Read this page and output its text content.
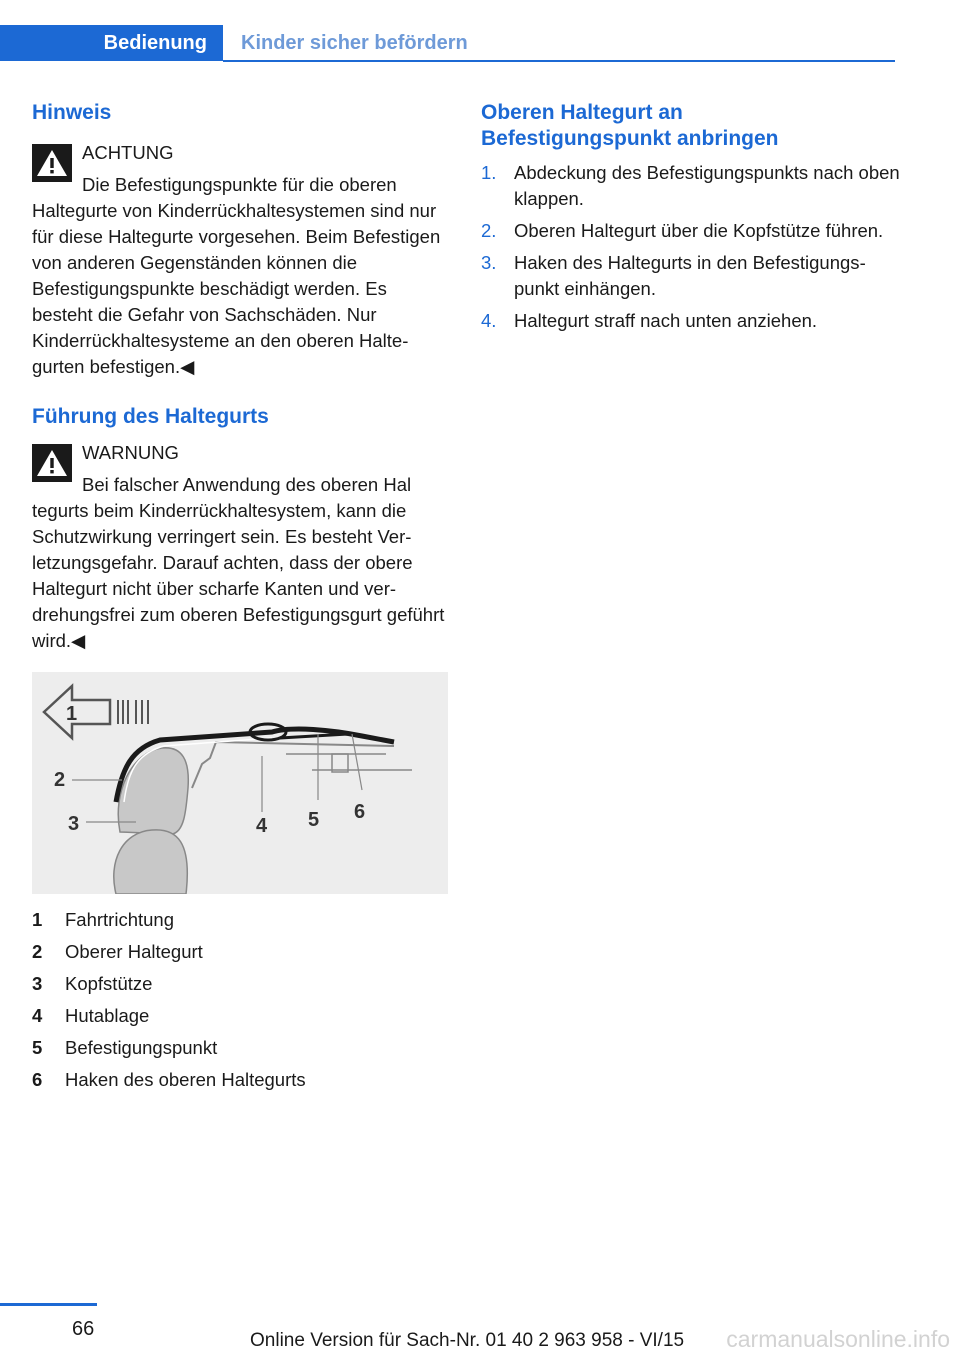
Bedienung	Kinder sicher befördern
Hinweis
ACHTUNG
Die Befestigungspunkte für die oberen
Haltegurte von Kinderrückhaltesystemen sind nur für diese Haltegurte vorgesehen. Beim Befestigen von anderen Gegenständen können die Befestigungspunkte beschädigt werden. Es besteht die Gefahr von Sachschäden. Nur Kinderrückhaltesysteme an den oberen Haltegurten befestigen.◀
Führung des Haltegurts
WARNUNG
Bei falscher Anwendung des oberen Hal
tegurts beim Kinderrückhaltesystem, kann die Schutzwirkung verringert sein. Es besteht Verletzungsgefahr. Darauf achten, dass der obere Haltegurt nicht über scharfe Kanten und verdrehungsfrei zum oberen Befestigungsgurt geführt wird.◀
1
2
3	4 5 6
1	Fahrtrichtung
2	Oberer Haltegurt
3	Kopfstütze
4	Hutablage
5	Befestigungspunkt
6	Haken des oberen Haltegurts
Oberen Haltegurt an
Befestigungspunkt anbringen
1. Abdeckung des Befestigungspunkts nach oben klappen.
2. Oberen Haltegurt über die Kopfstütze führen.
3. Haken des Haltegurts in den Befestigungspunkt einhängen.
4. Haltegurt straff nach unten anziehen.
66
Online Version für Sach-Nr. 01 40 2 963 958 - VI/15 carmanualsonline.info
